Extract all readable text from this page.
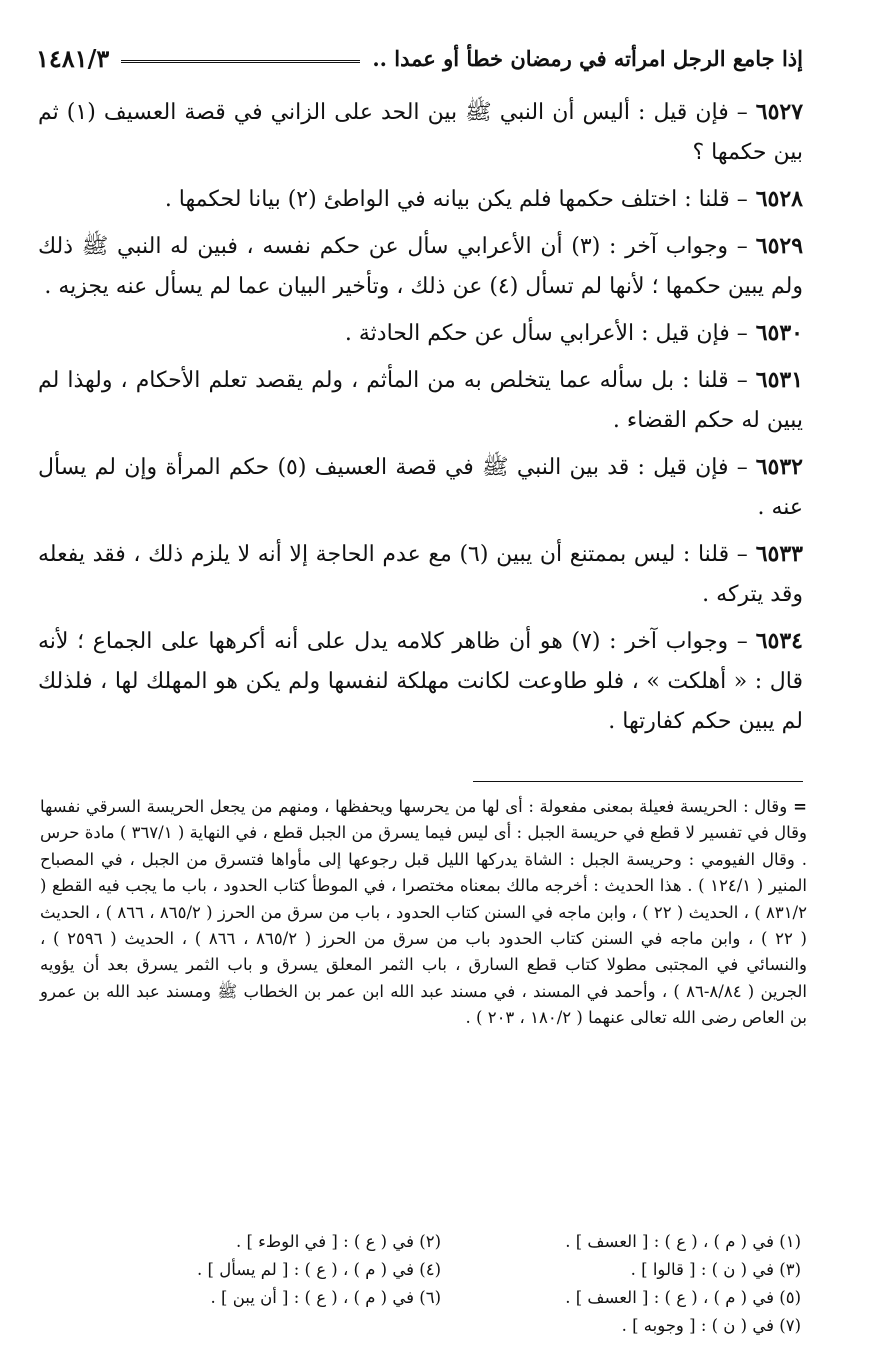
إذا جامع الرجل امرأته في رمضان خطأ أو عمدا ..
١٤٨١/٣

٦٥٢٧– فإن قيل : أليس أن النبي ﷺ بين الحد على الزاني في قصة العسيف (١) ثم بين حكمها ؟

٦٥٢٨– قلنا : اختلف حكمها فلم يكن بيانه في الواطئ (٢) بيانا لحكمها .

٦٥٢٩– وجواب آخر : (٣) أن الأعرابي سأل عن حكم نفسه ، فبين له النبي ﷺ ذلك ولم يبين حكمها ؛ لأنها لم تسأل (٤) عن ذلك ، وتأخير البيان عما لم يسأل عنه يجزيه .

٦٥٣٠– فإن قيل : الأعرابي سأل عن حكم الحادثة .

٦٥٣١– قلنا : بل سأله عما يتخلص به من المأثم ، ولم يقصد تعلم الأحكام ، ولهذا لم يبين له حكم القضاء .

٦٥٣٢– فإن قيل : قد بين النبي ﷺ في قصة العسيف (٥) حكم المرأة وإن لم يسأل عنه .

٦٥٣٣– قلنا : ليس بممتنع أن يبين (٦) مع عدم الحاجة إلا أنه لا يلزم ذلك ، فقد يفعله وقد يتركه .

٦٥٣٤– وجواب آخر : (٧) هو أن ظاهر كلامه يدل على أنه أكرهها على الجماع ؛ لأنه قال : « أهلكت » ، فلو طاوعت لكانت مهلكة لنفسها ولم يكن هو المهلك لها ، فلذلك لم يبين حكم كفارتها .

=وقال : الحريسة فعيلة بمعنى مفعولة : أى لها من يحرسها ويحفظها ، ومنهم من يجعل الحريسة السرقي نفسها وقال في تفسير لا قطع في حريسة الجبل : أى ليس فيما يسرق من الجبل قطع ، في النهاية ( ٣٦٧/١ ) مادة حرس . وقال الفيومي : وحريسة الجبل : الشاة يدركها الليل قبل رجوعها إلى مأواها فتسرق من الجبل ، في المصباح المنير ( ١٢٤/١ ) . هذا الحديث : أخرجه مالك بمعناه مختصرا ، في الموطأ كتاب الحدود ، باب ما يجب فيه القطع ( ٨٣١/٢ ) ، الحديث ( ٢٢ ) ، وابن ماجه في السنن كتاب الحدود ، باب من سرق من الحرز ( ٨٦٥/٢ ، ٨٦٦ ) ، الحديث ( ٢٢ ) ، وابن ماجه في السنن كتاب الحدود باب من سرق من الحرز ( ٨٦٥/٢ ، ٨٦٦ ) ، الحديث ( ٢٥٩٦ ) ، والنسائي في المجتبى مطولا كتاب قطع السارق ، باب الثمر المعلق يسرق و باب الثمر يسرق بعد أن يؤويه الجرين ( ٨/٨٤-٨٦ ) ، وأحمد في المسند ، في مسند عبد الله ابن عمر بن الخطاب ﷺ ومسند عبد الله بن عمرو بن العاص رضى الله تعالى عنهما ( ١٨٠/٢ ، ٢٠٣ ) .

(١) في ( م ) ، ( ع ) : [ العسف ] .
(٢) في ( ع ) : [ في الوطء ] .
(٣) في ( ن ) : [ قالوا ] .
(٤) في ( م ) ، ( ع ) : [ لم يسأل ] .
(٥) في ( م ) ، ( ع ) : [ العسف ] .
(٦) في ( م ) ، ( ع ) : [ أن يبن ] .
(٧) في ( ن ) : [ وجوبه ] .
